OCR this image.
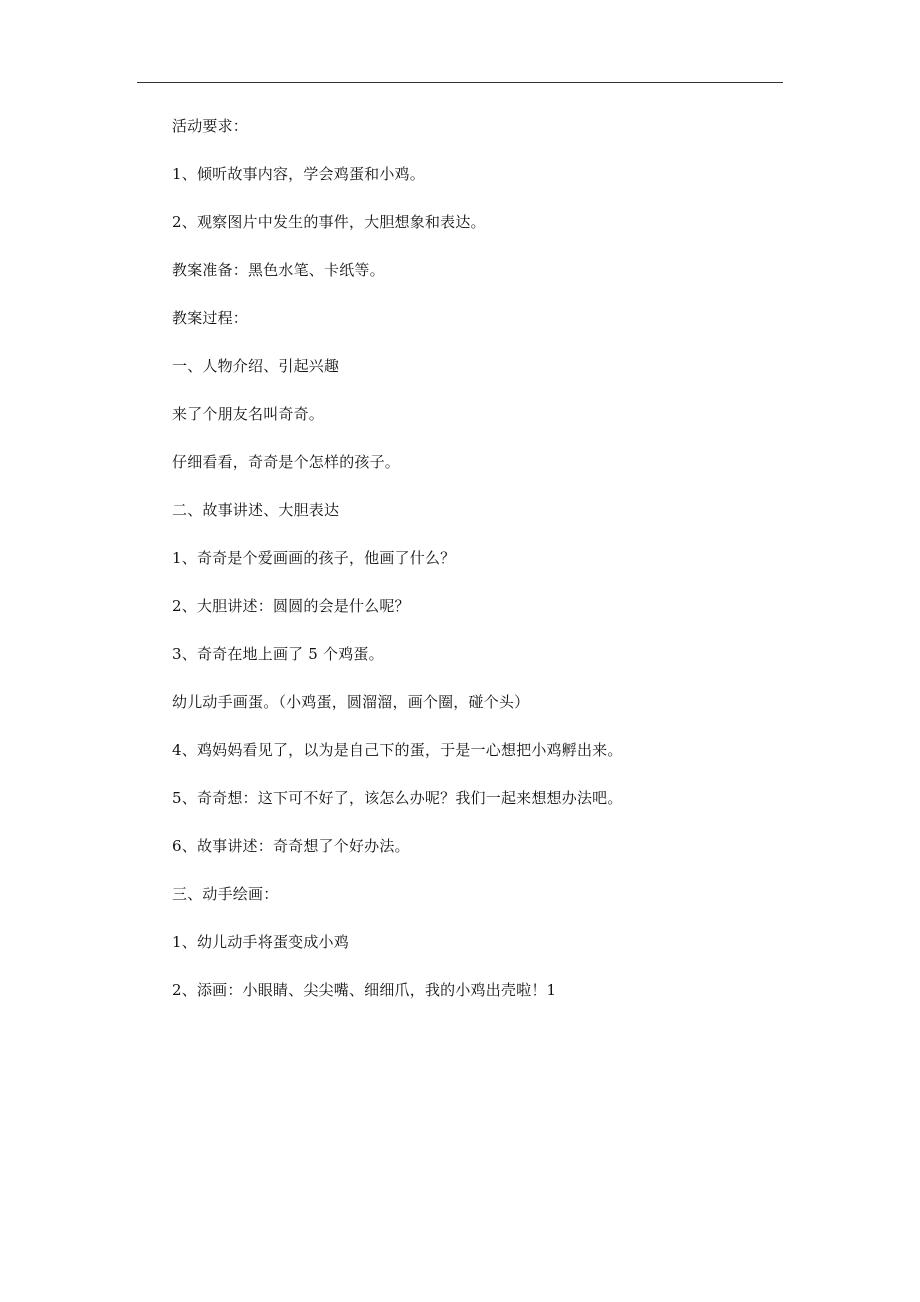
活动要求：

1、倾听故事内容，学会鸡蛋和小鸡。

2、观察图片中发生的事件，大胆想象和表达。

教案准备：黑色水笔、卡纸等。

教案过程：

一、人物介绍、引起兴趣

来了个朋友名叫奇奇。

仔细看看，奇奇是个怎样的孩子。

二、故事讲述、大胆表达

1、奇奇是个爱画画的孩子，他画了什么？

2、大胆讲述：圆圆的会是什么呢？

3、奇奇在地上画了 5 个鸡蛋。

幼儿动手画蛋。（小鸡蛋，圆溜溜，画个圈，碰个头）

4、鸡妈妈看见了，以为是自己下的蛋，于是一心想把小鸡孵出来。

5、奇奇想：这下可不好了，该怎么办呢？我们一起来想想办法吧。

6、故事讲述：奇奇想了个好办法。

三、动手绘画：

1、幼儿动手将蛋变成小鸡

2、添画：小眼睛、尖尖嘴、细细爪，我的小鸡出壳啦！1
